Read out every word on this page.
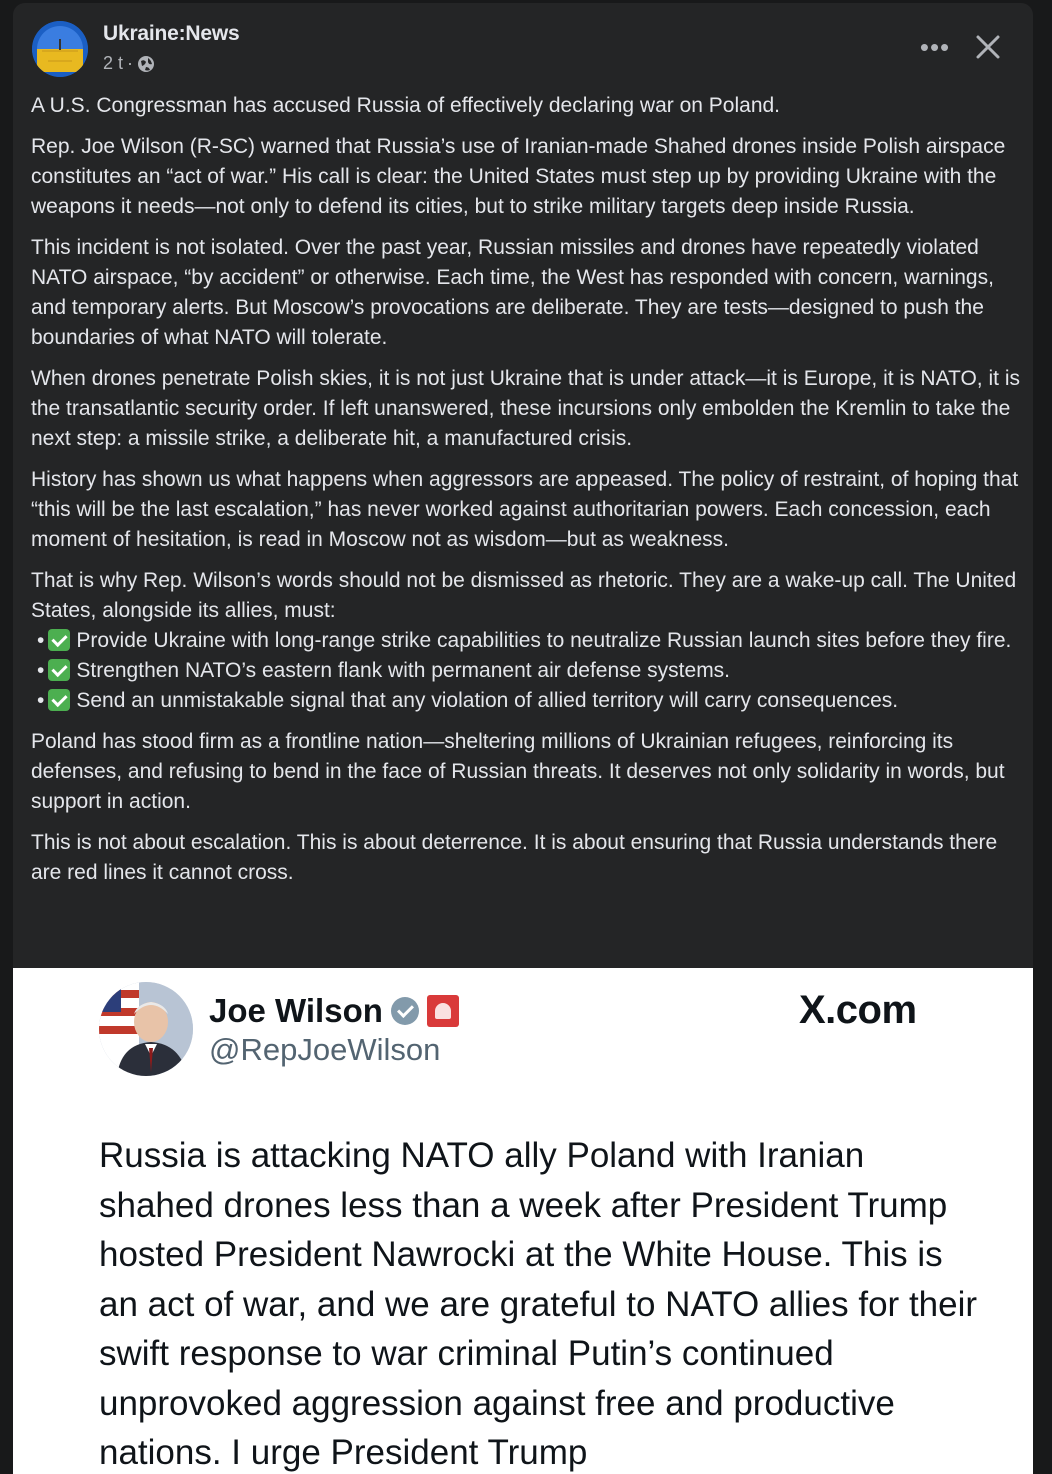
Ukraine:News
2 t ·
•••

A U.S. Congressman has accused Russia of effectively declaring war on Poland.

Rep. Joe Wilson (R-SC) warned that Russia’s use of Iranian-made Shahed drones inside Polish airspace constitutes an “act of war.” His call is clear: the United States must step up by providing Ukraine with the weapons it needs—not only to defend its cities, but to strike military targets deep inside Russia.

This incident is not isolated. Over the past year, Russian missiles and drones have repeatedly violated NATO airspace, “by accident” or otherwise. Each time, the West has responded with concern, warnings, and temporary alerts. But Moscow’s provocations are deliberate. They are tests—designed to push the boundaries of what NATO will tolerate.

When drones penetrate Polish skies, it is not just Ukraine that is under attack—it is Europe, it is NATO, it is the transatlantic security order. If left unanswered, these incursions only embolden the Kremlin to take the next step: a missile strike, a deliberate hit, a manufactured crisis.

History has shown us what happens when aggressors are appeased. The policy of restraint, of hoping that “this will be the last escalation,” has never worked against authoritarian powers. Each concession, each moment of hesitation, is read in Moscow not as wisdom—but as weakness.

That is why Rep. Wilson’s words should not be dismissed as rhetoric. They are a wake-up call. The United States, alongside its allies, must:
• Provide Ukraine with long-range strike capabilities to neutralize Russian launch sites before they fire.
• Strengthen NATO’s eastern flank with permanent air defense systems.
• Send an unmistakable signal that any violation of allied territory will carry consequences.

Poland has stood firm as a frontline nation—sheltering millions of Ukrainian refugees, reinforcing its defenses, and refusing to bend in the face of Russian threats. It deserves not only solidarity in words, but support in action.

This is not about escalation. This is about deterrence. It is about ensuring that Russia understands there are red lines it cannot cross.

Joe Wilson
@RepJoeWilson
X.com
Russia is attacking NATO ally Poland with Iranian shahed drones less than a week after President Trump hosted President Nawrocki at the White House. This is an act of war, and we are grateful to NATO allies for their swift response to war criminal Putin’s continued unprovoked aggression against free and productive nations. I urge President Trump
